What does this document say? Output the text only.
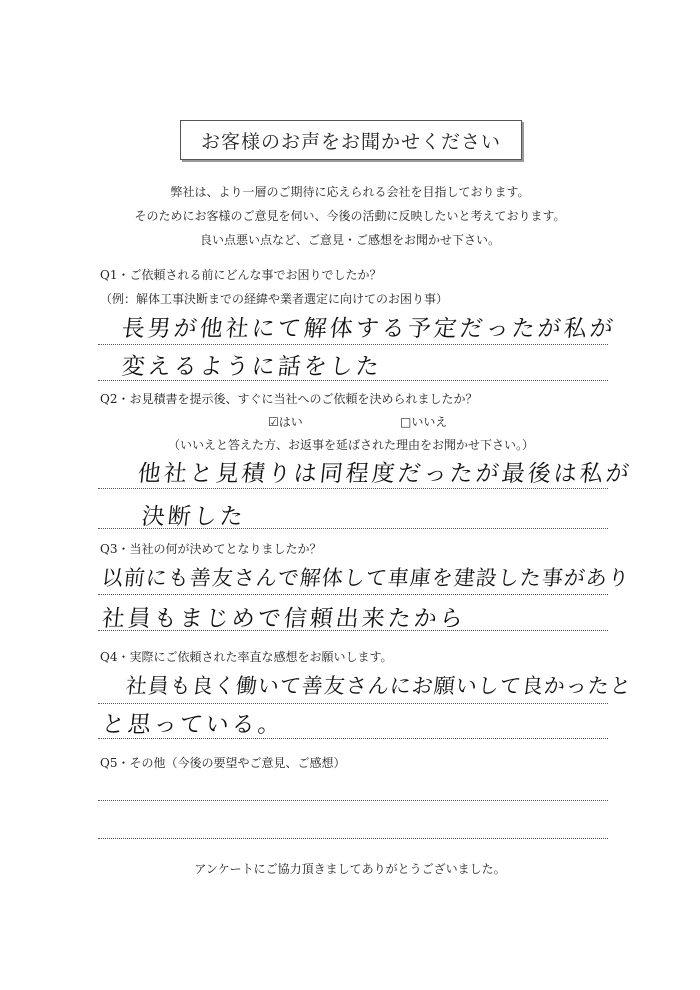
お客様のお声をお聞かせください
弊社は、より一層のご期待に応えられる会社を目指しております。
そのためにお客様のご意見を伺い、今後の活動に反映したいと考えております。
良い点悪い点など、ご意見・ご感想をお聞かせ下さい。
Q1・ご依頼される前にどんな事でお困りでしたか？
（例：解体工事決断までの経緯や業者選定に向けてのお困り事）
長男が他社にて解体する予定だったが私が
変えるように話をした
Q2・お見積書を提示後、すぐに当社へのご依頼を決められましたか？
☑はい	□いいえ
（いいえと答えた方、お返事を延ばされた理由をお聞かせ下さい。）
他社と見積りは同程度だったが最後は私が
決断した
Q3・当社の何が決めてとなりましたか？
以前にも善友さんで解体して車庫を建設した事があり
社員もまじめで信頼出来たから
Q4・実際にご依頼された率直な感想をお願いします。
社員も良く働いて善友さんにお願いして良かったと
と思っている。
Q5・その他（今後の要望やご意見、ご感想）
アンケートにご協力頂きましてありがとうございました。
